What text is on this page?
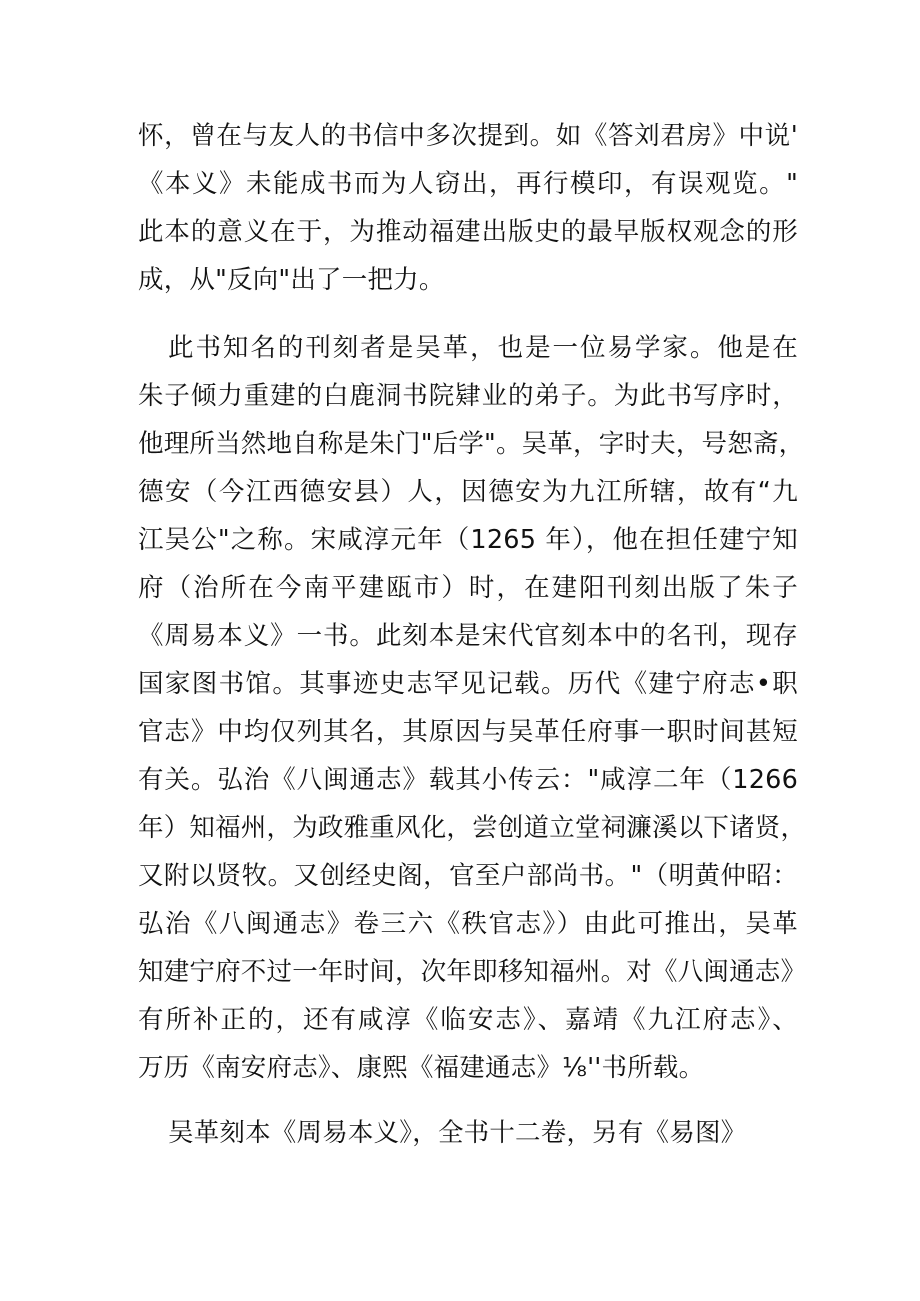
怀，曾在与友人的书信中多次提到。如《答刘君房》中说'
《本义》未能成书而为人窃出，再行模印，有误观览。"
此本的意义在于，为推动福建出版史的最早版权观念的形
成，从"反向"出了一把力。

此书知名的刊刻者是吴革，也是一位易学家。他是在
朱子倾力重建的白鹿洞书院肄业的弟子。为此书写序时，
他理所当然地自称是朱门"后学"。吴革，字时夫，号恕斋，
德安（今江西德安县）人，因德安为九江所辖，故有“九
江吴公"之称。宋咸淳元年（1265 年），他在担任建宁知
府（治所在今南平建瓯市）时，在建阳刊刻出版了朱子
《周易本义》一书。此刻本是宋代官刻本中的名刊，现存
国家图书馆。其事迹史志罕见记载。历代《建宁府志•职
官志》中均仅列其名，其原因与吴革任府事一职时间甚短
有关。弘治《八闽通志》载其小传云："咸淳二年（1266
年）知福州，为政雅重风化，尝创道立堂祠濂溪以下诸贤，
又附以贤牧。又创经史阁，官至户部尚书。"（明黄仲昭：
弘治《八闽通志》卷三六《秩官志》）由此可推出，吴革
知建宁府不过一年时间，次年即移知福州。对《八闽通志》
有所补正的，还有咸淳《临安志》、嘉靖《九江府志》、
万历《南安府志》、康熙《福建通志》⅛''书所载。

吴革刻本《周易本义》，全书十二卷，另有《易图》
